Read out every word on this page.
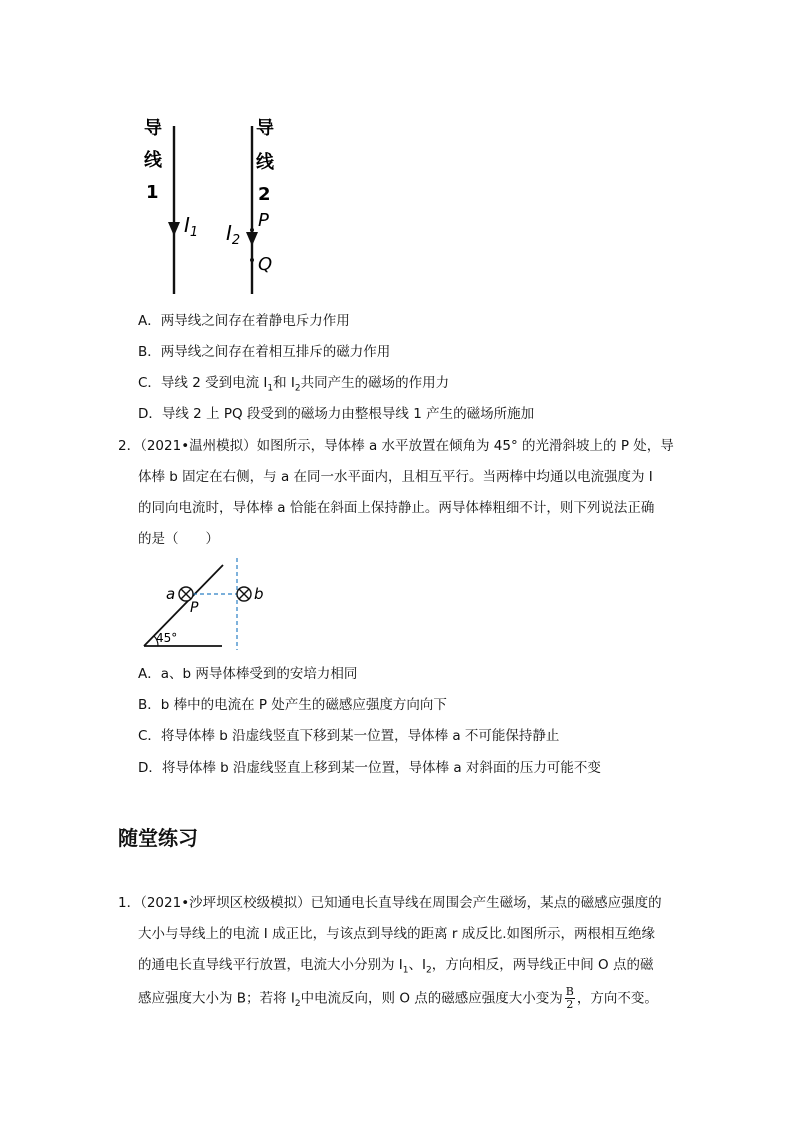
导
线
1
导
线
2
$I_1$ $I_2$
P
Q
A．两导线之间存在着静电斥力作用
B．两导线之间存在着相互排斥的磁力作用
C．导线 2 受到电流 $I_1$和 $I_2$共同产生的磁场的作用力
D．导线 2 上 PQ 段受到的磁场力由整根导线 1 产生的磁场所施加
2．（2021•温州模拟）如图所示，导体棒 a 水平放置在倾角为 45° 的光滑斜坡上的 P 处，导
体棒 b 固定在右侧，与 a 在同一水平面内，且相互平行。当两棒中均通以电流强度为 I
的同向电流时，导体棒 a 恰能在斜面上保持静止。两导体棒粗细不计，则下列说法正确
的是（　　）
a	b
P
45°
A．a、b 两导体棒受到的安培力相同
B．b 棒中的电流在 P 处产生的磁感应强度方向向下
C．将导体棒 b 沿虚线竖直下移到某一位置，导体棒 a 不可能保持静止
D．将导体棒 b 沿虚线竖直上移到某一位置，导体棒 a 对斜面的压力可能不变
随堂练习
1．（2021•沙坪坝区校级模拟）已知通电长直导线在周围会产生磁场，某点的磁感应强度的
大小与导线上的电流 I 成正比，与该点到导线的距离 r 成反比.如图所示，两根相互绝缘
的通电长直导线平行放置，电流大小分别为 $I_1$、$I_2$，方向相反，两导线正中间 O 点的磁
感应强度大小为 B；若将 $I_2$中电流反向，则 O 点的磁感应强度大小变为 $\frac{B}{2}$ ，方向不变。
